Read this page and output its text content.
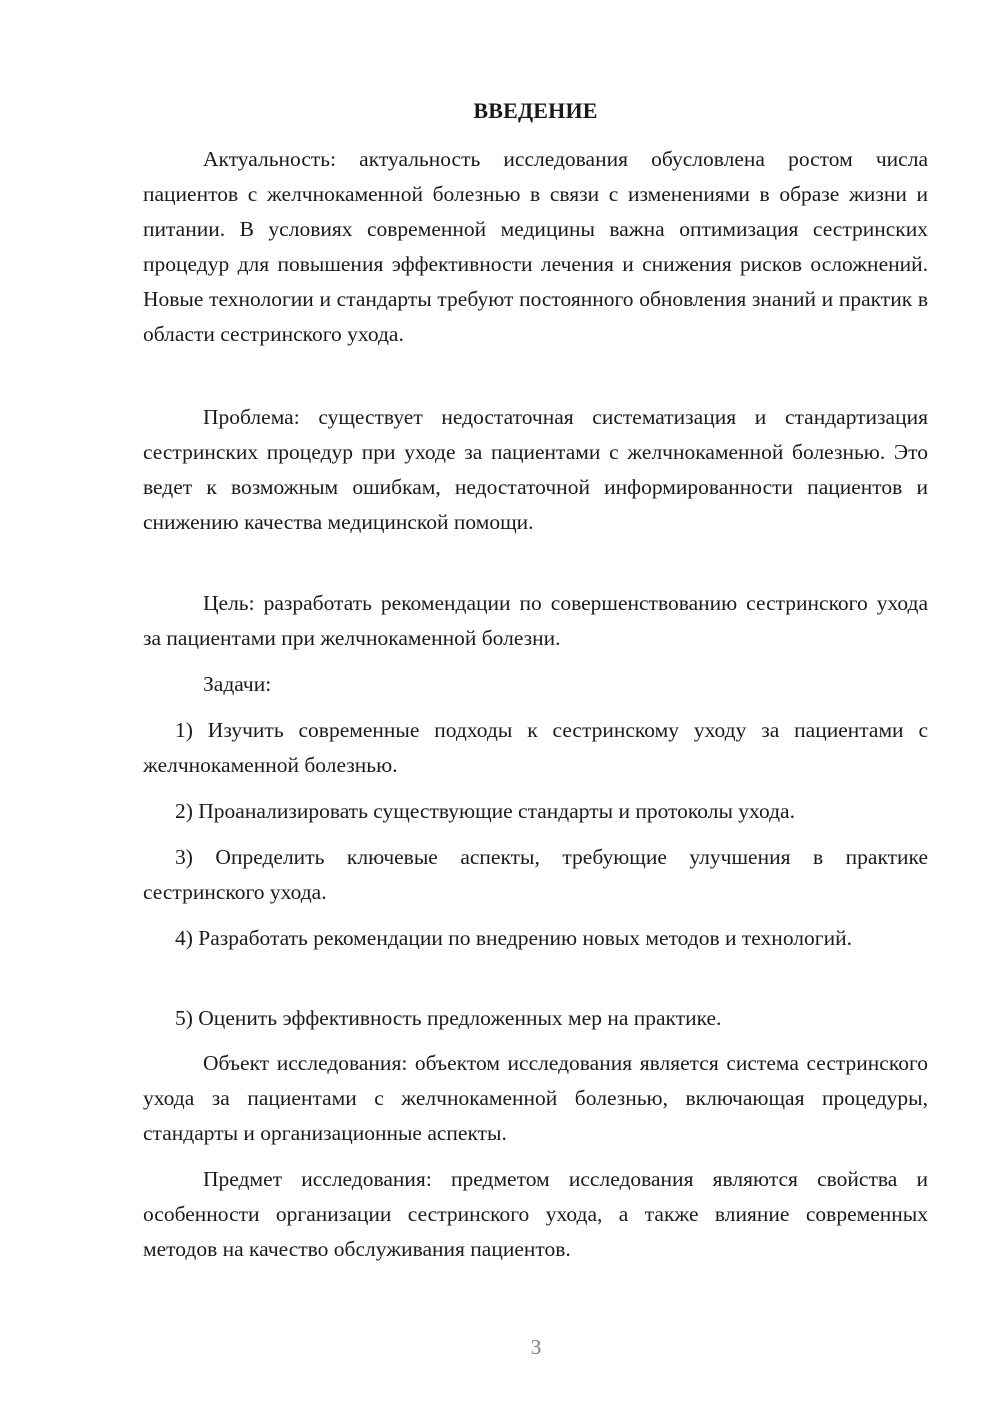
ВВЕДЕНИЕ

Актуальность: актуальность исследования обусловлена ростом числа пациентов с желчнокаменной болезнью в связи с изменениями в образе жизни и питании. В условиях современной медицины важна оптимизация сестринских процедур для повышения эффективности лечения и снижения рисков осложнений. Новые технологии и стандарты требуют постоянного обновления знаний и практик в области сестринского ухода.

Проблема: существует недостаточная систематизация и стандартизация сестринских процедур при уходе за пациентами с желчнокаменной болезнью. Это ведет к возможным ошибкам, недостаточной информированности пациентов и снижению качества медицинской помощи.

Цель: разработать рекомендации по совершенствованию сестринского ухода за пациентами при желчнокаменной болезни.

Задачи:

1) Изучить современные подходы к сестринскому уходу за пациентами с желчнокаменной болезнью.

2) Проанализировать существующие стандарты и протоколы ухода.

3) Определить ключевые аспекты, требующие улучшения в практике сестринского ухода.

4) Разработать рекомендации по внедрению новых методов и технологий.

5) Оценить эффективность предложенных мер на практике.

Объект исследования: объектом исследования является система сестринского ухода за пациентами с желчнокаменной болезнью, включающая процедуры, стандарты и организационные аспекты.

Предмет исследования: предметом исследования являются свойства и особенности организации сестринского ухода, а также влияние современных методов на качество обслуживания пациентов.

3
